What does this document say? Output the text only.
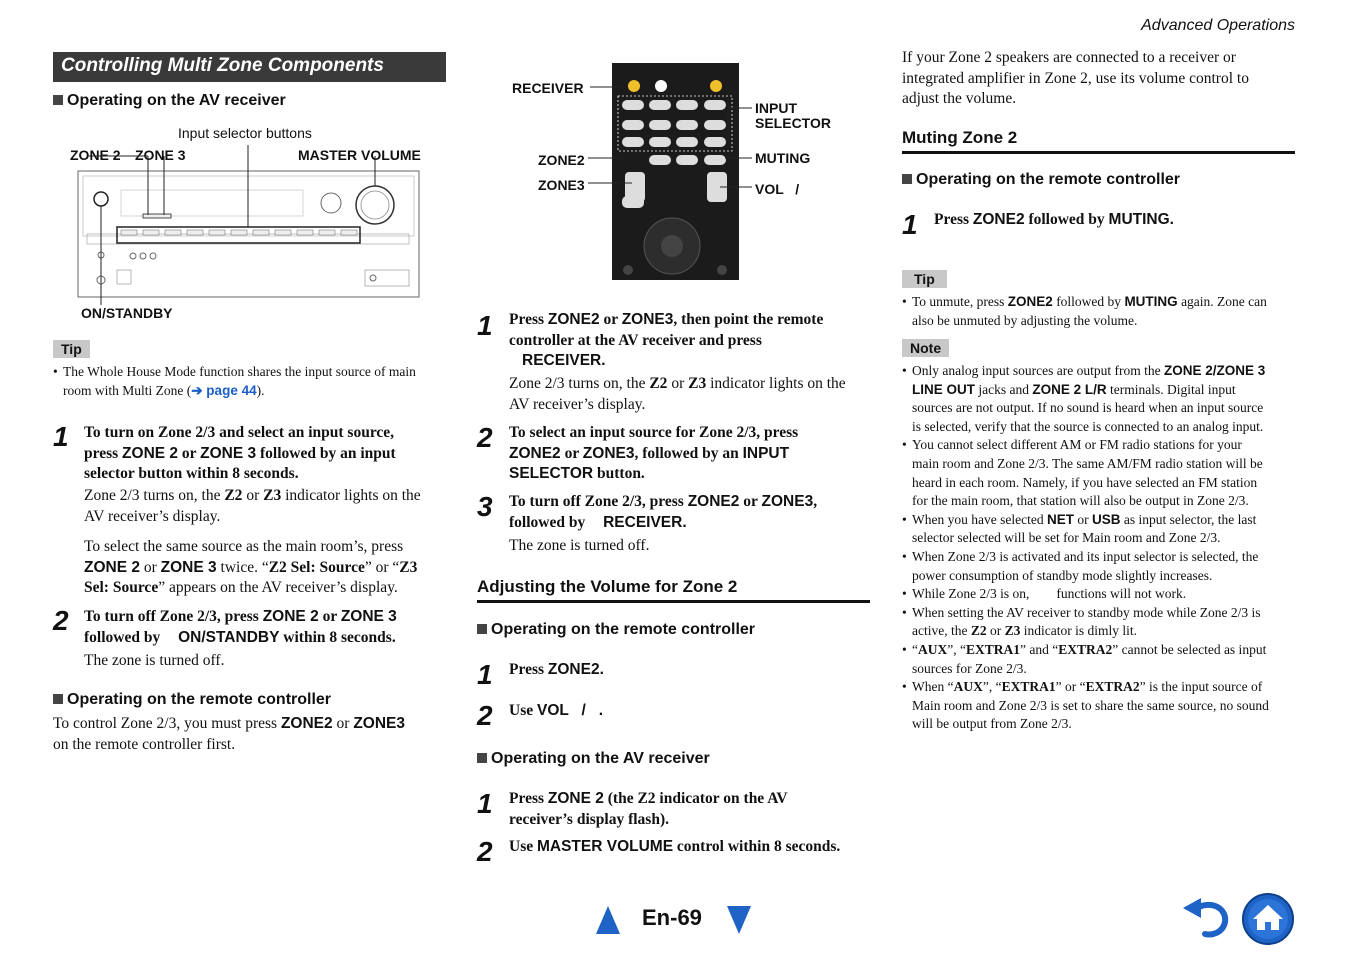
Advanced Operations
Controlling Multi Zone Components
Operating on the AV receiver
Input selector buttons
ZONE 2 ZONE 3	MASTER VOLUME
ON/STANDBY
Tip
• The Whole House Mode function shares the input source of main room with Multi Zone (➔ page 44).
1 To turn on Zone 2/3 and select an input source,
press ZONE 2 or ZONE 3 followed by an input
selector button within 8 seconds.
Zone 2/3 turns on, the Z2 or Z3 indicator lights on the
AV receiver’s display.
To select the same source as the main room’s, press
ZONE 2 or ZONE 3 twice. “Z2 Sel: Source” or “Z3
Sel: Source” appears on the AV receiver’s display.
2 To turn off Zone 2/3, press ZONE 2 or ZONE 3
followed by ON/STANDBY within 8 seconds.
The zone is turned off.
Operating on the remote controller
To control Zone 2/3, you must press ZONE2 or ZONE3
on the remote controller first.
RECEIVER
ZONE2
ZONE3
INPUT
SELECTOR
MUTING
VOL   /
1 Press ZONE2 or ZONE3, then point the remote
controller at the AV receiver and press
RECEIVER.
Zone 2/3 turns on, the Z2 or Z3 indicator lights on the
AV receiver’s display.
2 To select an input source for Zone 2/3, press
ZONE2 or ZONE3, followed by an INPUT
SELECTOR button.
3 To turn off Zone 2/3, press ZONE2 or ZONE3,
followed by RECEIVER.
The zone is turned off.
Adjusting the Volume for Zone 2
Operating on the remote controller
1 Press ZONE2.
2 Use VOL   /   .
Operating on the AV receiver
1 Press ZONE 2 (the Z2 indicator on the AV
receiver’s display flash).
2 Use MASTER VOLUME control within 8 seconds.
If your Zone 2 speakers are connected to a receiver or
integrated amplifier in Zone 2, use its volume control to
adjust the volume.
Muting Zone 2
Operating on the remote controller
1 Press ZONE2 followed by MUTING.
Tip
• To unmute, press ZONE2 followed by MUTING again. Zone can
also be unmuted by adjusting the volume.
Note
• Only analog input sources are output from the ZONE 2/ZONE 3
LINE OUT jacks and ZONE 2 L/R terminals. Digital input
sources are not output. If no sound is heard when an input source
is selected, verify that the source is connected to an analog input.
• You cannot select different AM or FM radio stations for your
main room and Zone 2/3. The same AM/FM radio station will be
heard in each room. Namely, if you have selected an FM station
for the main room, that station will also be output in Zone 2/3.
• When you have selected NET or USB as input selector, the last
selector selected will be set for Main room and Zone 2/3.
• When Zone 2/3 is activated and its input selector is selected, the
power consumption of standby mode slightly increases.
• While Zone 2/3 is on,        functions will not work.
• When setting the AV receiver to standby mode while Zone 2/3 is
active, the Z2 or Z3 indicator is dimly lit.
• “AUX”, “EXTRA1” and “EXTRA2” cannot be selected as input
sources for Zone 2/3.
• When “AUX”, “EXTRA1” or “EXTRA2” is the input source of
Main room and Zone 2/3 is set to share the same source, no sound
will be output from Zone 2/3.
En-69
